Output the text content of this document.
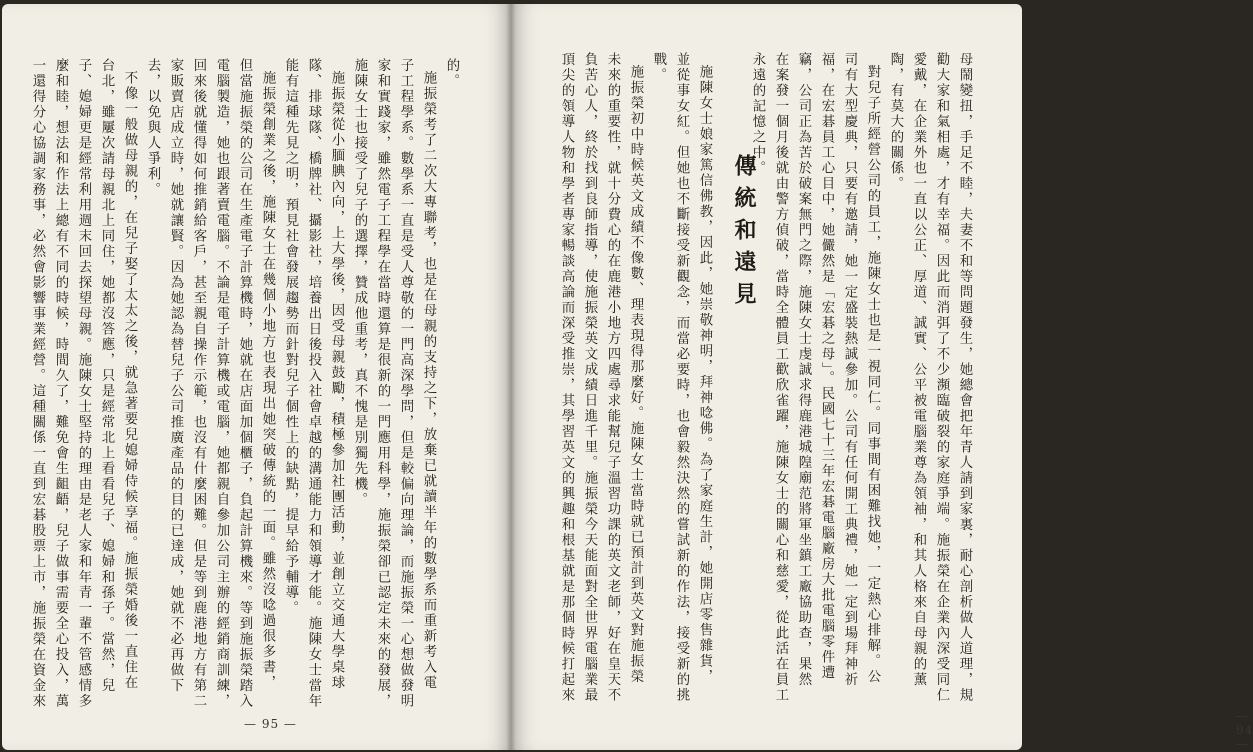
的。
施振榮考了二次大專聯考，也是在母親的支持之下，放棄已就讀半年的數學系而重新考入電
子工程學系。數學系一直是受人尊敬的一門高深學問，但是較偏向理論，而施振榮一心想做發明
家和實踐家，雖然電子工程學在當時還算是很新的一門應用科學，施振榮卻已認定未來的發展，
施陳女士也接受了兒子的選擇，贊成他重考，真不愧是別獨先機。
施振榮從小腼腆內向，上大學後，因受母親鼓勵，積極參加社團活動，並創立交通大學桌球
隊、排球隊、橋牌社、攝影社，培養出日後投入社會卓越的溝通能力和領導才能。施陳女士當年
能有這種先見之明，預見社會發展趨勢而針對兒子個性上的缺點，提早給予輔導。
施振榮創業之後，施陳女士在幾個小地方也表現出她突破傳統的一面。雖然沒唸過很多書，
但當施振榮的公司在生產電子計算機時，她就在店面加個櫃子，負起計算機來。等到施振榮踏入
電腦製造，她也跟著賣電腦。不論是電子計算機或電腦，她都親自參加公司主辦的經銷商訓練，
回來後就懂得如何推銷給客戶，甚至親自操作示範，也沒有什麼困難。但是等到鹿港地方有第二
家販賣店成立時，她就讓賢。因為她認為替兒子公司推廣產品的目的已達成，她就不必再做下
去，以免與人爭利。
不像一般做母親的，在兒子娶了太太之後，就急著要兒媳婦侍候享福。施振榮婚後一直住在
台北，雖屢次請母親北上同住，她都沒答應，只是經常北上看看兒子、媳婦和孫子。當然，兒
子、媳婦更是經常利用週末回去探望母親。施陳女士堅持的理由是老人家和年青一輩不管感情多
麼和睦，想法和作法上總有不同的時候，時間久了，難免會生齟齬，兒子做事需要全心投入，萬
一還得分心協調家務事，必然會影響事業經營。這種關係一直到宏碁股票上市，施振榮在資金來
— 95 —
母鬧變扭，手足不睦，夫妻不和等問題發生，她總會把年青人請到家裏，耐心剖析做人道理，規
勸大家和氣相處，才有幸福。因此而消弭了不少瀕臨破裂的家庭爭端。施振榮在企業內深受同仁
愛戴，在企業外也一直以公正、厚道、誠實、公平被電腦業尊為領袖，和其人格來自母親的薰
陶，有莫大的關係。
對兒子所經營公司的員工，施陳女士也是一視同仁。同事間有困難找她，一定熱心排解。公
司有大型慶典，只要有邀請，她一定盛裝熱誠參加。公司有任何開工典禮，她一定到場拜神祈
福，在宏碁員工心目中，她儼然是「宏碁之母」。民國七十三年宏碁電腦廠房大批電腦零件遭
竊，公司正為苦於破案無門之際，施陳女士虔誠求得鹿港城隍廟范將軍坐鎮工廠協助查，果然
在案發一個月後就由警方偵破，當時全體員工歡欣雀躍，施陳女士的關心和慈愛，從此活在員工
永遠的記憶之中。
傳統和遠見
施陳女士娘家篤信佛教，因此，她崇敬神明，拜神唸佛。為了家庭生計，她開店零售雜貨，
並從事女紅。但她也不斷接受新觀念，而當必要時，也會毅然決然的嘗試新的作法，接受新的挑
戰。
施振榮初中時候英文成績不像數、理表現得那麼好。施陳女士當時就已預計到英文對施振榮
未來的重要性，就十分費心的在鹿港小地方四處尋求能幫兒子溫習功課的英文老師，好在皇天不
負苦心人，終於找到良師指導，使施振榮英文成績日進千里。施振榮今天能面對全世界電腦業最
頂尖的領導人物和學者專家暢談高論而深受推崇，其學習英文的興趣和根基就是那個時候打起來
— 94 —
